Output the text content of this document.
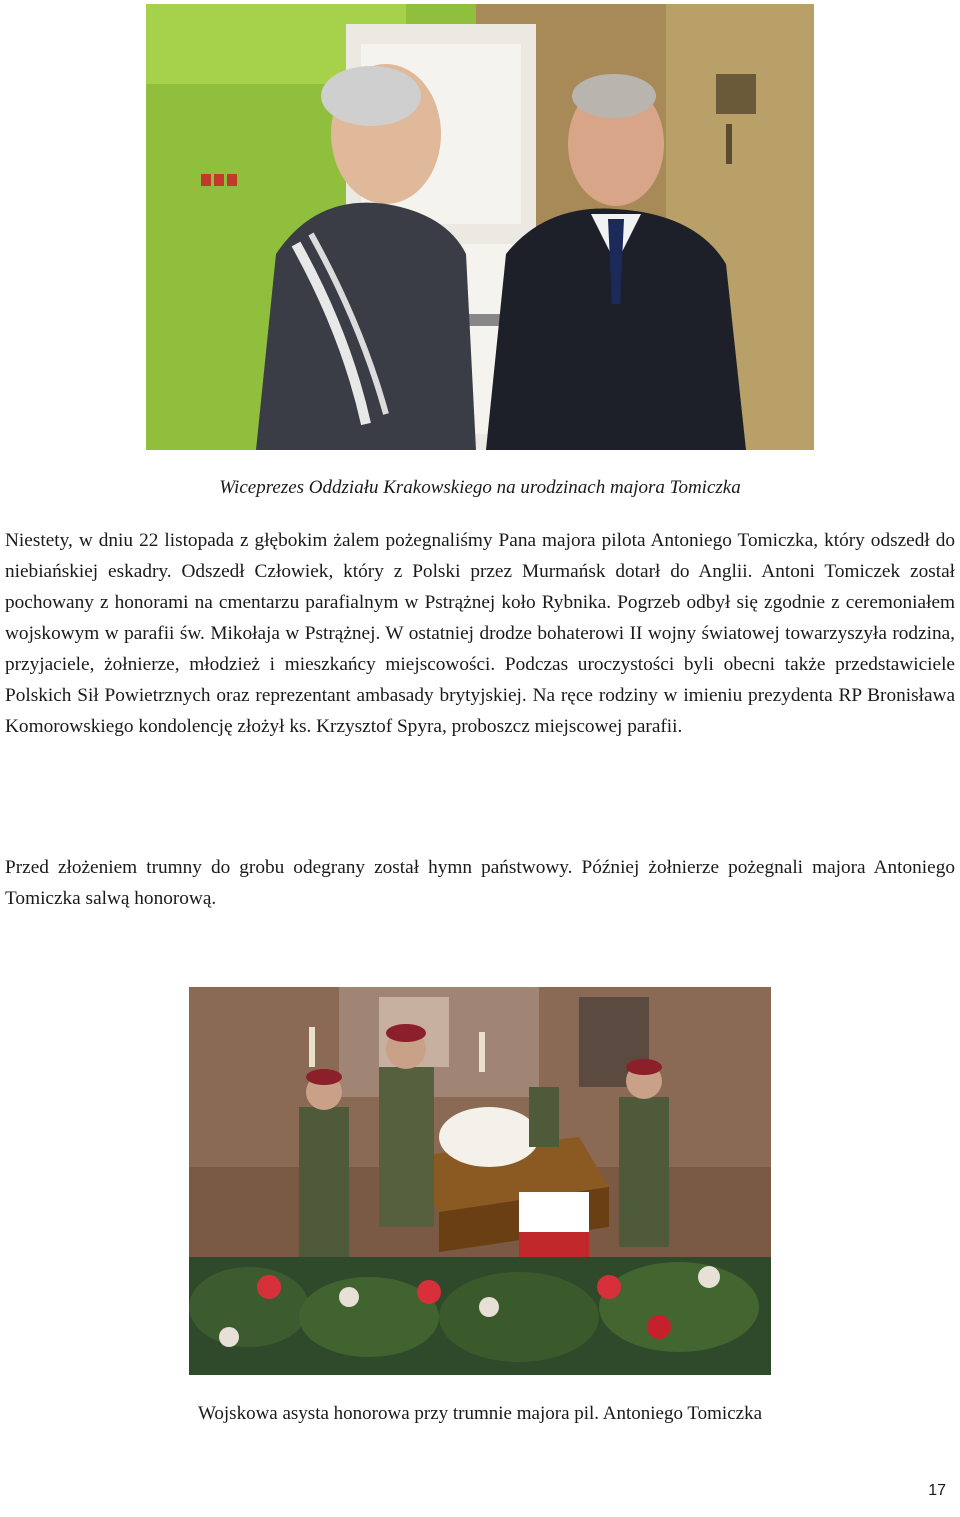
Wiceprezes Oddziału Krakowskiego na urodzinach majora Tomiczka

Niestety, w dniu 22 listopada z głębokim żalem pożegnaliśmy Pana majora pilota Antoniego Tomiczka, który odszedł do niebiańskiej eskadry. Odszedł Człowiek, który z Polski przez Murmańsk dotarł do Anglii. Antoni Tomiczek został pochowany z honorami na cmentarzu parafialnym w Pstrążnej koło Rybnika. Pogrzeb odbył się zgodnie z ceremoniałem wojskowym w parafii św. Mikołaja w Pstrążnej. W ostatniej drodze bohaterowi II wojny światowej towarzyszyła rodzina, przyjaciele, żołnierze, młodzież i mieszkańcy miejscowości. Podczas uroczystości byli obecni także przedstawiciele Polskich Sił Powietrznych oraz reprezentant ambasady brytyjskiej. Na ręce rodziny w imieniu prezydenta RP Bronisława Komorowskiego kondolencję złożył ks. Krzysztof Spyra, proboszcz miejscowej parafii.

Przed złożeniem trumny do grobu odegrany został hymn państwowy. Później żołnierze pożegnali majora Antoniego Tomiczka salwą honorową.

Wojskowa asysta honorowa przy trumnie majora pil. Antoniego Tomiczka
17
